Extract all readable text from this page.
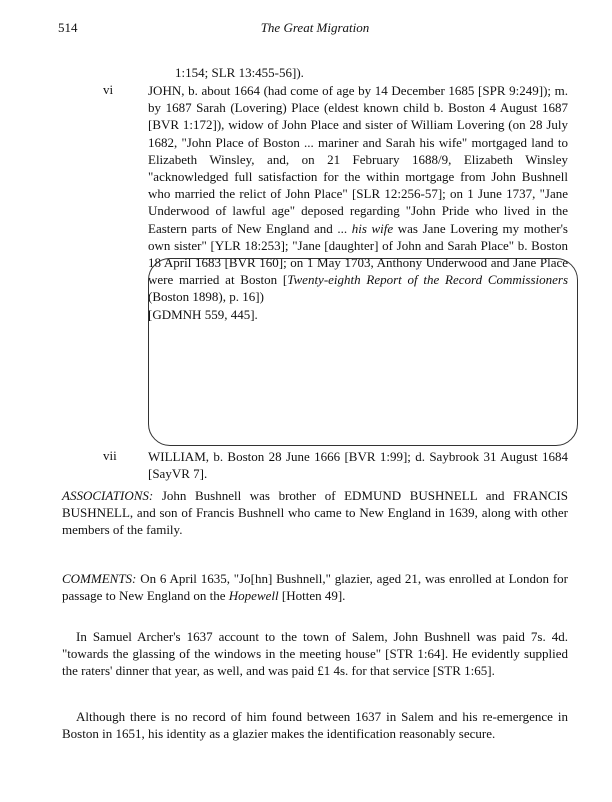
514	The Great Migration
1:154; SLR 13:455-56]).
vi	JOHN, b. about 1664 (had come of age by 14 December 1685 [SPR 9:249]); m. by 1687 Sarah (Lovering) Place (eldest known child b. Boston 4 August 1687 [BVR 1:172]), widow of John Place and sister of William Lovering (on 28 July 1682, "John Place of Boston ... mariner and Sarah his wife" mortgaged land to Elizabeth Winsley, and, on 21 February 1688/9, Elizabeth Winsley "acknowledged full satisfaction for the within mortgage from John Bushnell who married the relict of John Place" [SLR 12:256-57]; on 1 June 1737, "Jane Underwood of lawful age" deposed regarding "John Pride who lived in the Eastern parts of New England and ... his wife was Jane Lovering my mother's own sister" [YLR 18:253]; "Jane [daughter] of John and Sarah Place" b. Boston 18 April 1683 [BVR 160]; on 1 May 1703, Anthony Underwood and Jane Place were married at Boston [Twenty-eighth Report of the Record Commissioners (Boston 1898), p. 16])
[GDMNH 559, 445].
vii WILLIAM, b. Boston 28 June 1666 [BVR 1:99]; d. Saybrook 31 August 1684 [SayVR 7].
ASSOCIATIONS: John Bushnell was brother of EDMUND BUSHNELL and FRANCIS BUSHNELL, and son of Francis Bushnell who came to New England in 1639, along with other members of the family.
COMMENTS: On 6 April 1635, "Jo[hn] Bushnell," glazier, aged 21, was enrolled at London for passage to New England on the Hopewell [Hotten 49].
In Samuel Archer's 1637 account to the town of Salem, John Bushnell was paid 7s. 4d. "towards the glassing of the windows in the meeting house" [STR 1:64]. He evidently supplied the raters' dinner that year, as well, and was paid £1 4s. for that service [STR 1:65].
Although there is no record of him found between 1637 in Salem and his re-emergence in Boston in 1651, his identity as a glazier makes the identification reasonably secure.
